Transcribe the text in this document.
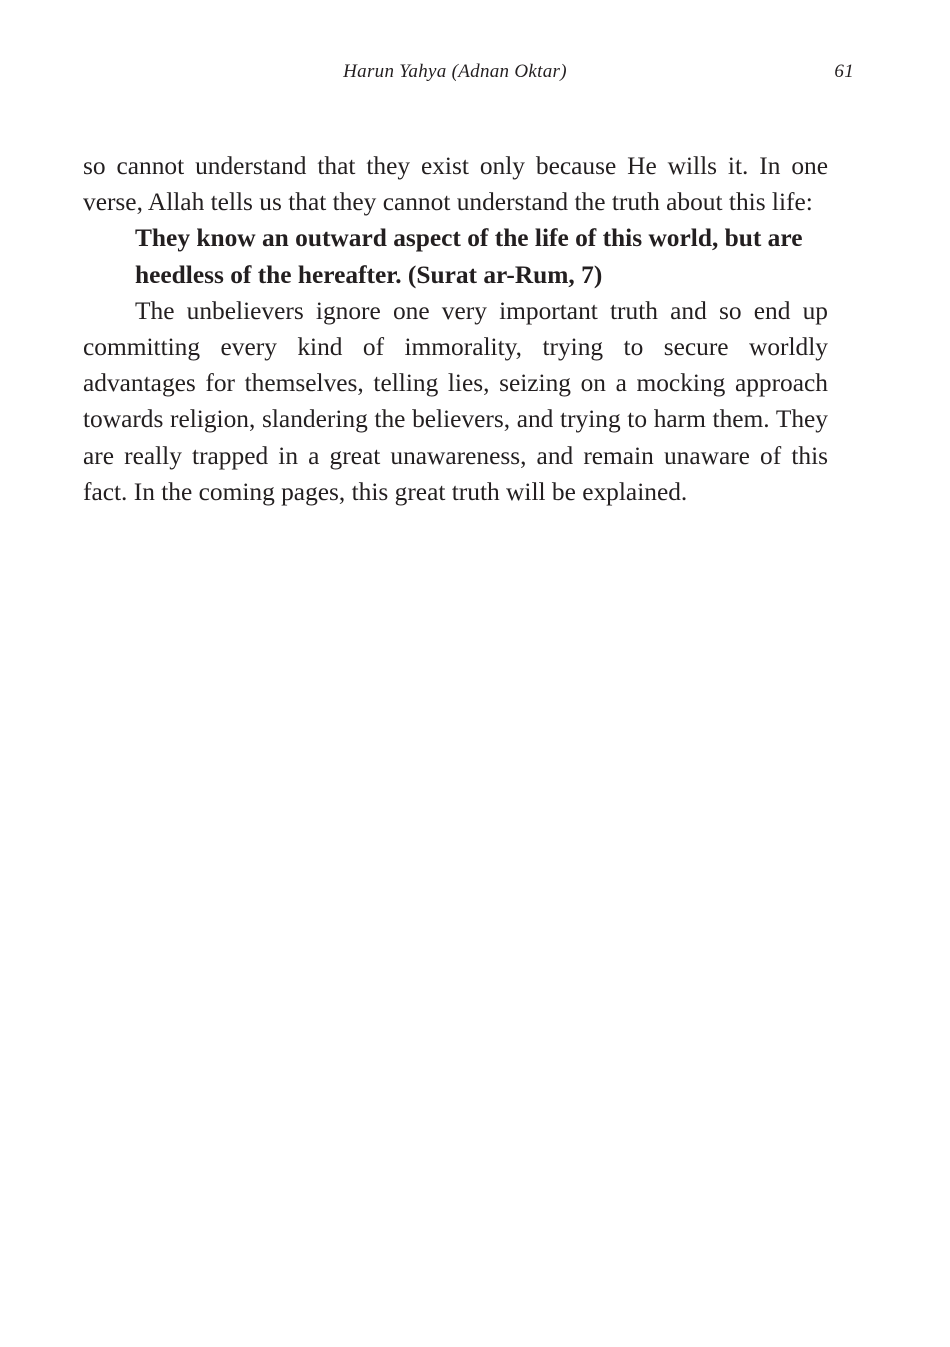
Harun Yahya (Adnan Oktar)	61

so cannot understand that they exist only because He wills it. In one verse, Allah tells us that they cannot understand the truth about this life:

They know an outward aspect of the life of this world, but are heedless of the hereafter. (Surat ar-Rum, 7)

The unbelievers ignore one very important truth and so end up committing every kind of immorality, trying to secure worldly advantages for themselves, telling lies, seizing on a mocking approach towards religion, slandering the believers, and trying to harm them. They are really trapped in a great unawareness, and remain unaware of this fact. In the coming pages, this great truth will be explained.
